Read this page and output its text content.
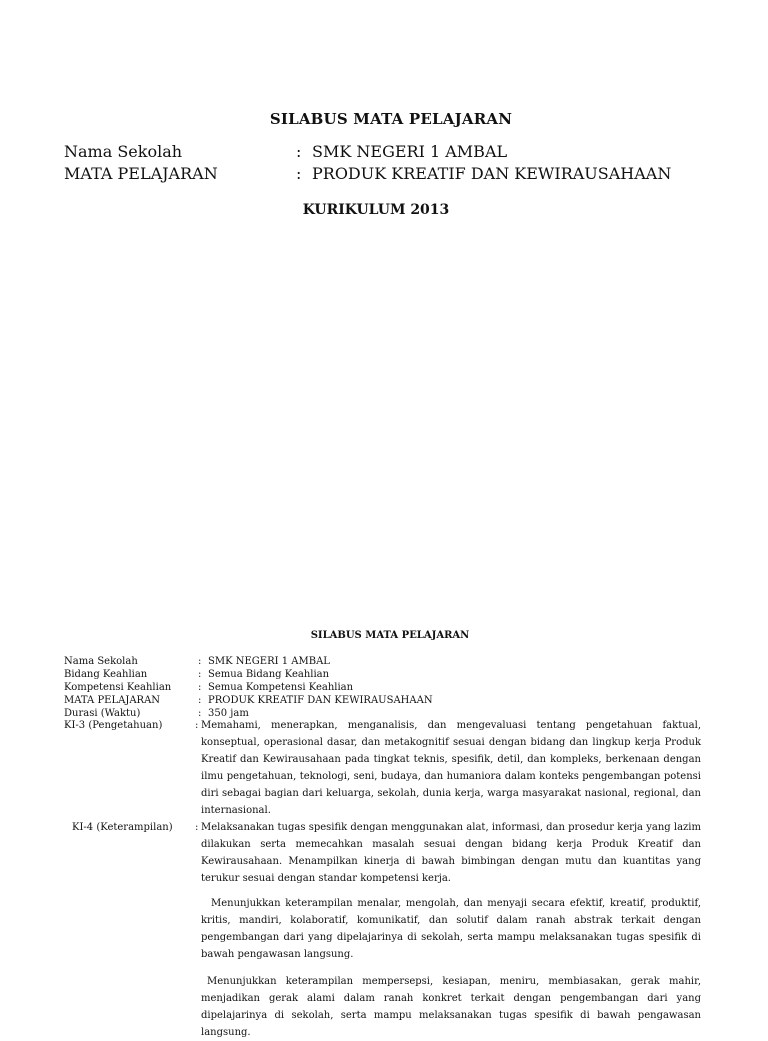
SILABUS MATA PELAJARAN
Nama Sekolah	: SMK NEGERI 1 AMBAL
MATA PELAJARAN	: PRODUK KREATIF DAN KEWIRAUSAHAAN
KURIKULUM 2013
SILABUS MATA PELAJARAN
Nama Sekolah	: SMK NEGERI 1 AMBAL
Bidang Keahlian	: Semua Bidang Keahlian
Kompetensi Keahlian	: Semua Kompetensi Keahlian
MATA PELAJARAN	: PRODUK KREATIF DAN KEWIRAUSAHAAN
Durasi (Waktu)	: 350 jam
KI-3 (Pengetahuan)	: Memahami, menerapkan, menganalisis, dan mengevaluasi tentang pengetahuan faktual, konseptual, operasional dasar, dan metakognitif sesuai dengan bidang dan lingkup kerja Produk Kreatif dan Kewirausahaan pada tingkat teknis, spesifik, detil, dan kompleks, berkenaan dengan ilmu pengetahuan, teknologi, seni, budaya, dan humaniora dalam konteks pengembangan potensi diri sebagai bagian dari keluarga, sekolah, dunia kerja, warga masyarakat nasional, regional, dan internasional.
KI-4 (Keterampilan) : Melaksanakan tugas spesifik dengan menggunakan alat, informasi, dan prosedur kerja yang lazim dilakukan serta memecahkan masalah sesuai dengan bidang kerja Produk Kreatif dan Kewirausahaan. Menampilkan kinerja di bawah bimbingan dengan mutu dan kuantitas yang terukur sesuai dengan standar kompetensi kerja.
Menunjukkan keterampilan menalar, mengolah, dan menyaji secara efektif, kreatif, produktif, kritis, mandiri, kolaboratif, komunikatif, dan solutif dalam ranah abstrak terkait dengan pengembangan dari yang dipelajarinya di sekolah, serta mampu melaksanakan tugas spesifik di bawah pengawasan langsung.
Menunjukkan keterampilan mempersepsi, kesiapan, meniru, membiasakan, gerak mahir, menjadikan gerak alami dalam ranah konkret terkait dengan pengembangan dari yang dipelajarinya di sekolah, serta mampu melaksanakan tugas spesifik di bawah pengawasan langsung.
